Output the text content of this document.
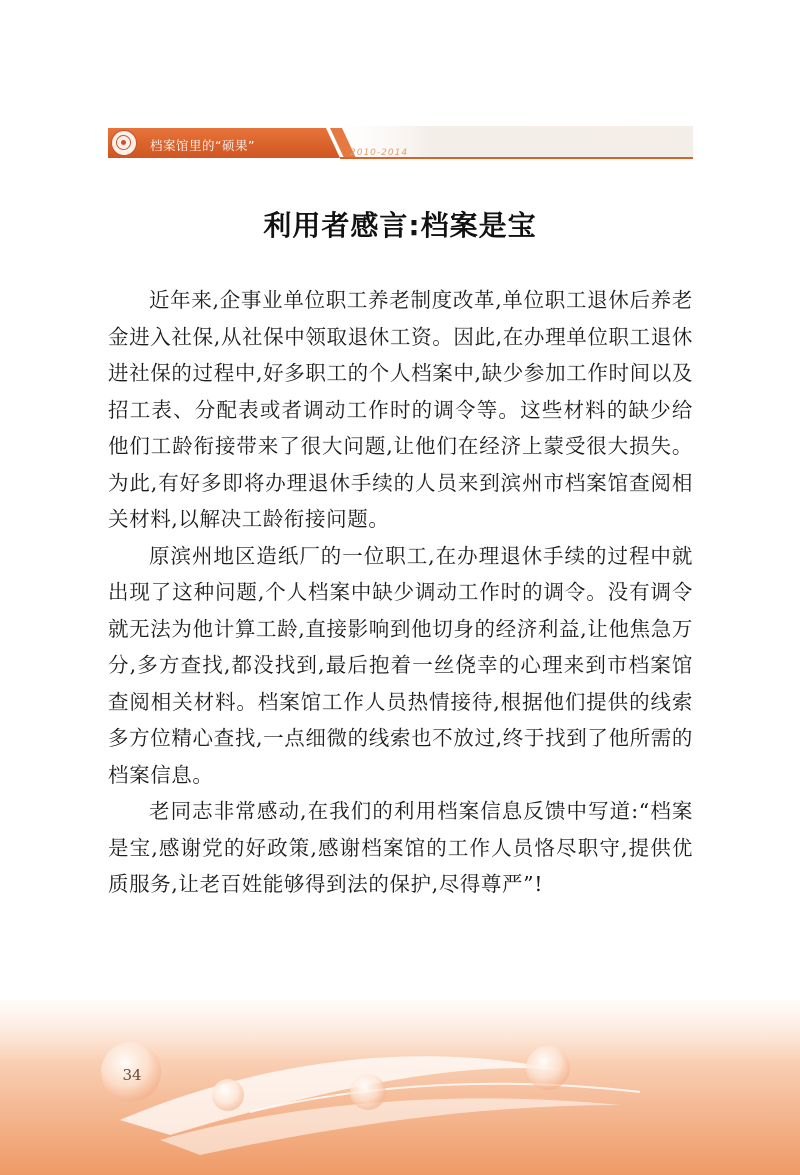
档案馆里的“硕果”	2010-2014
利用者感言:档案是宝

近年来,企事业单位职工养老制度改革,单位职工退休后养老金进入社保,从社保中领取退休工资。因此,在办理单位职工退休进社保的过程中,好多职工的个人档案中,缺少参加工作时间以及招工表、分配表或者调动工作时的调令等。这些材料的缺少给他们工龄衔接带来了很大问题,让他们在经济上蒙受很大损失。为此,有好多即将办理退休手续的人员来到滨州市档案馆查阅相关材料,以解决工龄衔接问题。

原滨州地区造纸厂的一位职工,在办理退休手续的过程中就出现了这种问题,个人档案中缺少调动工作时的调令。没有调令就无法为他计算工龄,直接影响到他切身的经济利益,让他焦急万分,多方查找,都没找到,最后抱着一丝侥幸的心理来到市档案馆查阅相关材料。档案馆工作人员热情接待,根据他们提供的线索多方位精心查找,一点细微的线索也不放过,终于找到了他所需的档案信息。

老同志非常感动,在我们的利用档案信息反馈中写道:“档案是宝,感谢党的好政策,感谢档案馆的工作人员恪尽职守,提供优质服务,让老百姓能够得到法的保护,尽得尊严”!

34
